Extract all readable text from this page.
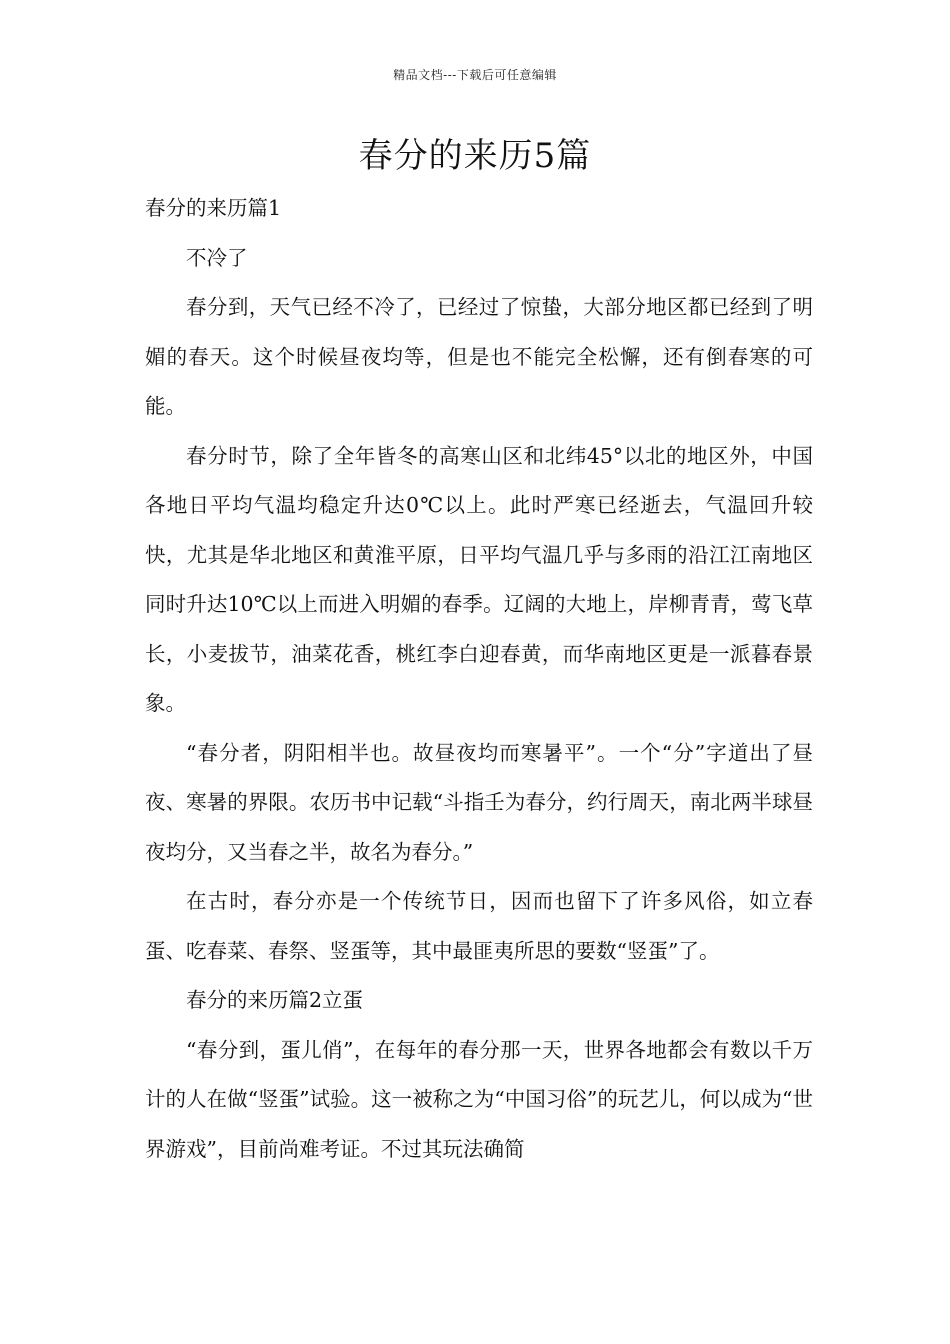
精品文档---下载后可任意编辑
春分的来历5篇

春分的来历篇1

不冷了

春分到，天气已经不冷了，已经过了惊蛰，大部分地区都已经到了明媚的春天。这个时候昼夜均等，但是也不能完全松懈，还有倒春寒的可能。

春分时节，除了全年皆冬的高寒山区和北纬45°以北的地区外，中国各地日平均气温均稳定升达0℃以上。此时严寒已经逝去，气温回升较快，尤其是华北地区和黄淮平原，日平均气温几乎与多雨的沿江江南地区同时升达10℃以上而进入明媚的春季。辽阔的大地上，岸柳青青，莺飞草长，小麦拔节，油菜花香，桃红李白迎春黄，而华南地区更是一派暮春景象。

“春分者，阴阳相半也。故昼夜均而寒暑平”。一个“分”字道出了昼夜、寒暑的界限。农历书中记载“斗指壬为春分，约行周天，南北两半球昼夜均分，又当春之半，故名为春分。”

在古时，春分亦是一个传统节日，因而也留下了许多风俗，如立春蛋、吃春菜、春祭、竖蛋等，其中最匪夷所思的要数“竖蛋”了。

春分的来历篇2立蛋

“春分到，蛋儿俏”，在每年的春分那一天，世界各地都会有数以千万计的人在做“竖蛋”试验。这一被称之为“中国习俗”的玩艺儿，何以成为“世界游戏”，目前尚难考证。不过其玩法确简
